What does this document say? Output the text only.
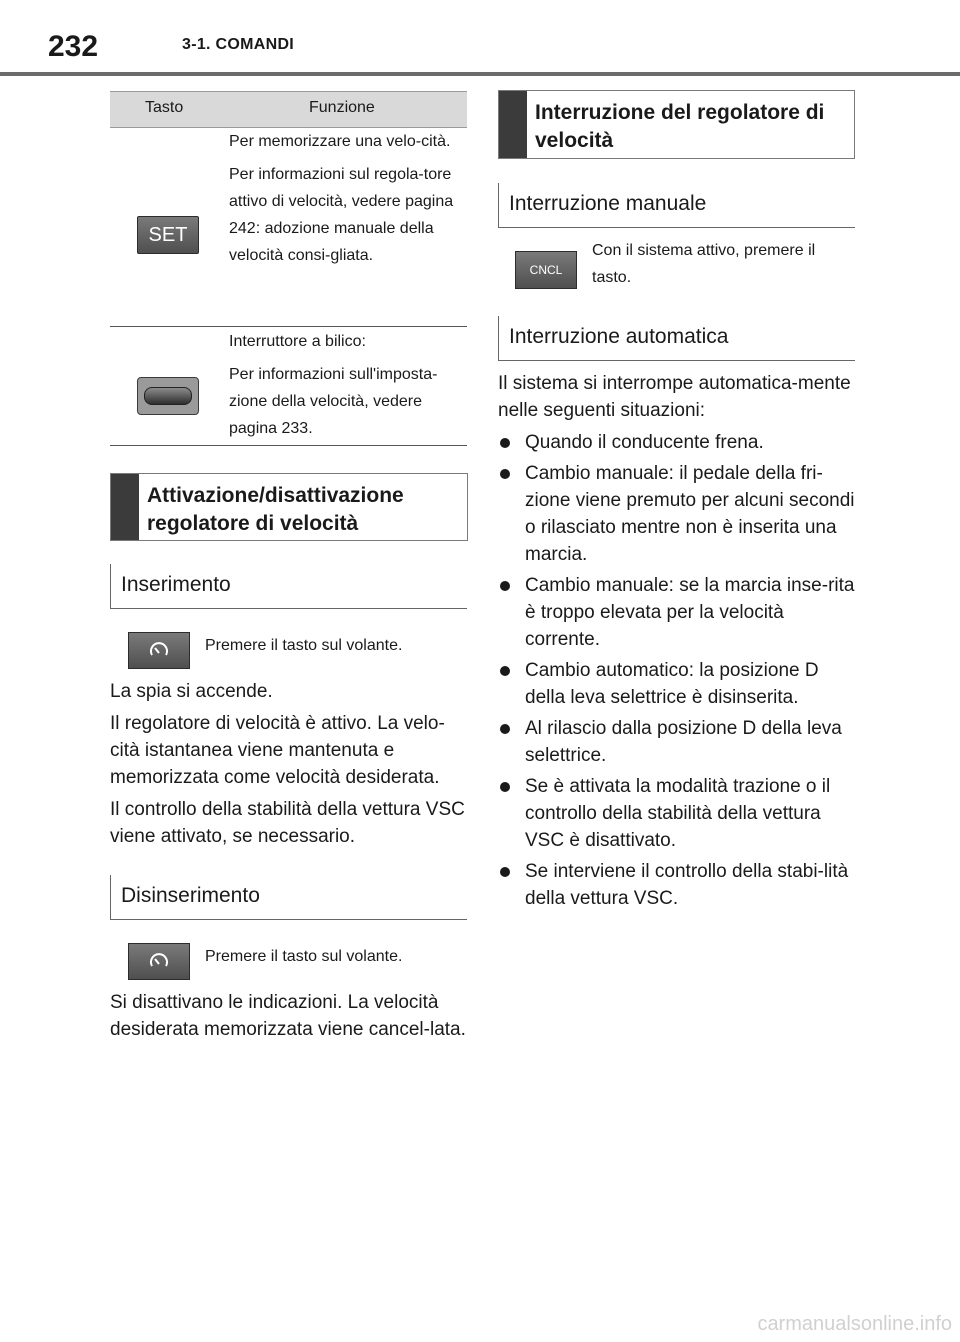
232	3-1. COMANDI
Tasto	Funzione
SET

Per memorizzare una velo-cità.

Per informazioni sul regola-tore attivo di velocità, vedere pagina 242: adozione manuale della velocità consi-gliata.

Interruttore a bilico:

Per informazioni sull'imposta-zione della velocità, vedere pagina 233.

Attivazione/disattivazione regolatore di velocità
Inserimento
Premere il tasto sul volante.

La spia si accende.

Il regolatore di velocità è attivo. La velo-cità istantanea viene mantenuta e memorizzata come velocità desiderata.

Il controllo della stabilità della vettura VSC viene attivato, se necessario.

Disinserimento
Premere il tasto sul volante.

Si disattivano le indicazioni. La velocità desiderata memorizzata viene cancel-lata.

Interruzione del regolatore di velocità
Interruzione manuale
CNCL
Con il sistema attivo, premere il tasto.
Interruzione automatica

Il sistema si interrompe automatica-mente nelle seguenti situazioni:

Quando il conducente frena.
Cambio manuale: il pedale della fri-zione viene premuto per alcuni secondi o rilasciato mentre non è inserita una marcia.
Cambio manuale: se la marcia inse-rita è troppo elevata per la velocità corrente.
Cambio automatico: la posizione D della leva selettrice è disinserita.
Al rilascio dalla posizione D della leva selettrice.
Se è attivata la modalità trazione o il controllo della stabilità della vettura VSC è disattivato.
Se interviene il controllo della stabi-lità della vettura VSC.
carmanualsonline.info
